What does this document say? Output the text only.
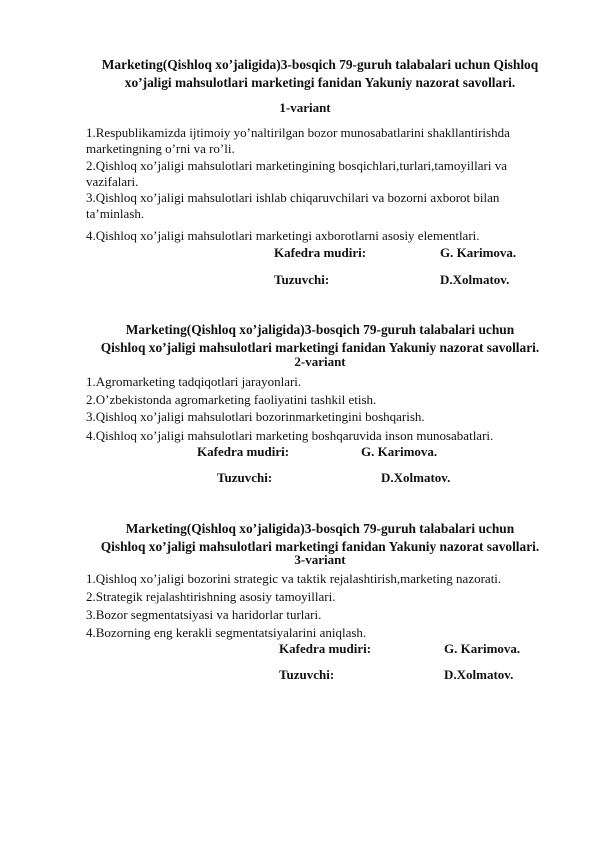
Marketing(Qishloq xo’jaligida)3-bosqich 79-guruh talabalari uchun Qishloq
xo’jaligi mahsulotlari marketingi fanidan Yakuniy nazorat savollari.
1-variant
1.Respublikamizda ijtimoiy yo’naltirilgan bozor munosabatlarini shakllantirishda
marketingning o’rni va ro’li.
2.Qishloq xo’jaligi mahsulotlari marketingining bosqichlari,turlari,tamoyillari va
vazifalari.
3.Qishloq xo’jaligi mahsulotlari ishlab chiqaruvchilari va bozorni axborot bilan
ta’minlash.
4.Qishloq xo’jaligi mahsulotlari marketingi axborotlarni asosiy elementlari.
Kafedra mudiri:	G. Karimova.
Tuzuvchi:	D.Xolmatov.
Marketing(Qishloq xo’jaligida)3-bosqich 79-guruh talabalari uchun
Qishloq xo’jaligi mahsulotlari marketingi fanidan Yakuniy nazorat savollari.
2-variant
1.Agromarketing tadqiqotlari jarayonlari.
2.O’zbekistonda agromarketing faoliyatini tashkil etish.
3.Qishloq xo’jaligi mahsulotlari bozorinmarketingini boshqarish.
4.Qishloq xo’jaligi mahsulotlari marketing boshqaruvida inson munosabatlari.
Kafedra mudiri:	G. Karimova.
Tuzuvchi:	D.Xolmatov.
Marketing(Qishloq xo’jaligida)3-bosqich 79-guruh talabalari uchun
Qishloq xo’jaligi mahsulotlari marketingi fanidan Yakuniy nazorat savollari.
3-variant
1.Qishloq xo’jaligi bozorini strategic va taktik rejalashtirish,marketing nazorati.
2.Strategik rejalashtirishning asosiy tamoyillari.
3.Bozor segmentatsiyasi va haridorlar turlari.
4.Bozorning eng kerakli segmentatsiyalarini aniqlash.
Kafedra mudiri:	G. Karimova.
Tuzuvchi:	D.Xolmatov.
